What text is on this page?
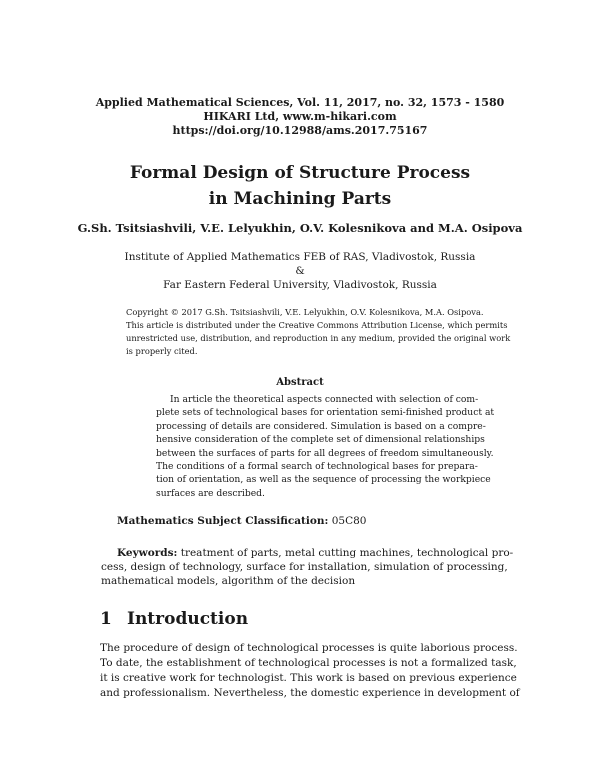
Applied Mathematical Sciences, Vol. 11, 2017, no. 32, 1573 - 1580
HIKARI Ltd, www.m-hikari.com
https://doi.org/10.12988/ams.2017.75167
Formal Design of Structure Process
in Machining Parts
G.Sh. Tsitsiashvili, V.E. Lelyukhin, O.V. Kolesnikova and M.A. Osipova
Institute of Applied Mathematics FEB of RAS, Vladivostok, Russia
&
Far Eastern Federal University, Vladivostok, Russia
Copyright © 2017 G.Sh. Tsitsiashvili, V.E. Lelyukhin, O.V. Kolesnikova, M.A. Osipova.
This article is distributed under the Creative Commons Attribution License, which permits
unrestricted use, distribution, and reproduction in any medium, provided the original work
is properly cited.
Abstract
In article the theoretical aspects connected with selection of com-
plete sets of technological bases for orientation semi-finished product at
processing of details are considered. Simulation is based on a compre-
hensive consideration of the complete set of dimensional relationships
between the surfaces of parts for all degrees of freedom simultaneously.
The conditions of a formal search of technological bases for prepara-
tion of orientation, as well as the sequence of processing the workpiece
surfaces are described.
Mathematics Subject Classification: 05C80
Keywords: treatment of parts, metal cutting machines, technological pro-
cess, design of technology, surface for installation, simulation of processing,
mathematical models, algorithm of the decision
1 Introduction
The procedure of design of technological processes is quite laborious process.
To date, the establishment of technological processes is not a formalized task,
it is creative work for technologist. This work is based on previous experience
and professionalism. Nevertheless, the domestic experience in development of
